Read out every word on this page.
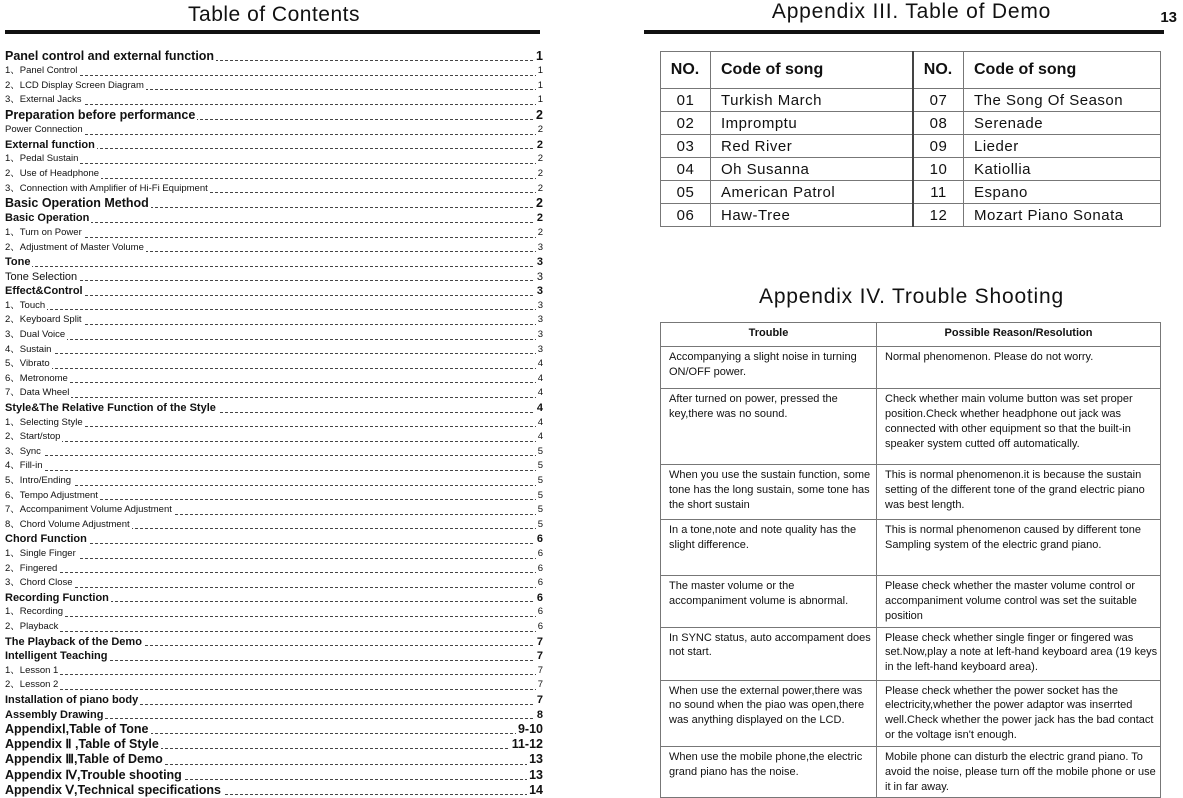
Table of Contents
Panel control and external function	1
1、Panel Control	1
2、LCD Display Screen Diagram	1
3、External Jacks	1
Preparation before performance	2
Power Connection	2
External function	2
1、Pedal Sustain	2
2、Use of Headphone	2
3、Connection with Amplifier of Hi-Fi Equipment	2
Basic Operation Method	2
Basic Operation	2
1、Turn on Power	2
2、Adjustment of Master Volume	3
Tone	3
Tone Selection	3
Effect&Control	3
1、Touch	3
2、Keyboard Split	3
3、Dual Voice	3
4、Sustain	3
5、Vibrato	4
6、Metronome	4
7、Data Wheel	4
Style&The Relative Function of the Style	4
1、Selecting Style	4
2、Start/stop	4
3、Sync	5
4、Fill-in	5
5、Intro/Ending	5
6、Tempo Adjustment	5
7、Accompaniment Volume Adjustment	5
8、Chord Volume Adjustment	5
Chord Function	6
1、Single Finger	6
2、Fingered	6
3、Chord Close	6
Recording Function	6
1、Recording	6
2、Playback	6
The Playback of the Demo	7
Intelligent Teaching	7
1、Lesson 1	7
2、Lesson 2	7
Installation of piano body	7
Assembly Drawing	8
AppendixⅠ,Table of Tone	9-10
Appendix Ⅱ ,Table of Style	11-12
Appendix Ⅲ,Table of Demo	13
Appendix Ⅳ,Trouble shooting	13
Appendix Ⅴ,Technical specifications	14
Appendix III. Table of Demo	13
NO.	Code of song	NO.	Code of song
01	Turkish March	07	The Song Of Season
02	Impromptu	08	Serenade
03	Red River	09	Lieder
04	Oh Susanna	10	Katiollia
05	American Patrol	11	Espano
06	Haw-Tree	12	Mozart Piano Sonata
Appendix IV. Trouble Shooting
Trouble	Possible Reason/Resolution
Accompanying a slight noise in turning ON/OFF power.	Normal phenomenon. Please do not worry.
After turned on power, pressed the key,there was no sound.	Check whether main volume button was set proper position.Check whether headphone out jack was connected with other equipment so that the built-in speaker system cutted off automatically.
When you use the sustain function, some tone has the long sustain, some tone has the short sustain	This is normal phenomenon.it is because the sustain setting of the different tone of the grand electric piano was best length.
In a tone,note and note quality has the slight difference.	This is normal phenomenon caused by different tone Sampling system of the electric grand piano.
The master volume or the accompaniment volume is abnormal.	Please check whether the master volume control or accompaniment volume control was set the suitable position
In SYNC status, auto accompament does not start.	Please check whether single finger or fingered was set.Now,play a note at left-hand keyboard area (19 keys in the left-hand keyboard area).
When use the external power,there was no sound when the piao was open,there was anything displayed on the LCD.	Please check whether the power socket has the electricity,whether the power adaptor was inserrted well.Check whether the power jack has the bad contact or the voltage isn't enough.
When use the mobile phone,the electric grand piano has the noise.	Mobile phone can disturb the electric grand piano. To avoid the noise, please turn off the mobile phone or use it in far away.
